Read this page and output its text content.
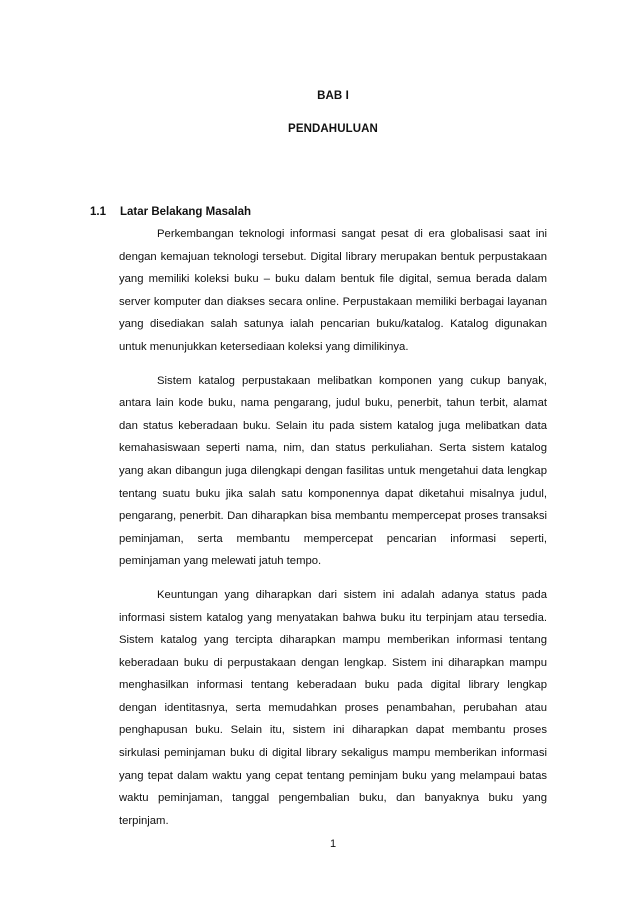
BAB I
PENDAHULUAN
1.1 Latar Belakang Masalah

Perkembangan teknologi informasi sangat pesat di era globalisasi saat ini dengan kemajuan teknologi tersebut. Digital library merupakan bentuk perpustakaan yang memiliki koleksi buku – buku dalam bentuk file digital, semua berada dalam server komputer dan diakses secara online. Perpustakaan memiliki berbagai layanan yang disediakan salah satunya ialah pencarian buku/katalog. Katalog digunakan untuk menunjukkan ketersediaan koleksi yang dimilikinya.

Sistem katalog perpustakaan melibatkan komponen yang cukup banyak, antara lain kode buku, nama pengarang, judul buku, penerbit, tahun terbit, alamat dan status keberadaan buku. Selain itu pada sistem katalog juga melibatkan data kemahasiswaan seperti nama, nim, dan status perkuliahan. Serta sistem katalog yang akan dibangun juga dilengkapi dengan fasilitas untuk mengetahui data lengkap tentang suatu buku jika salah satu komponennya dapat diketahui misalnya judul, pengarang, penerbit. Dan diharapkan bisa membantu mempercepat proses transaksi peminjaman, serta membantu mempercepat pencarian informasi seperti, peminjaman yang melewati jatuh tempo.

Keuntungan yang diharapkan dari sistem ini adalah adanya status pada informasi sistem katalog yang menyatakan bahwa buku itu terpinjam atau tersedia. Sistem katalog yang tercipta diharapkan mampu memberikan informasi tentang keberadaan buku di perpustakaan dengan lengkap. Sistem ini diharapkan mampu menghasilkan informasi tentang keberadaan buku pada digital library lengkap dengan identitasnya, serta memudahkan proses penambahan, perubahan atau penghapusan buku. Selain itu, sistem ini diharapkan dapat membantu proses sirkulasi peminjaman buku di digital library sekaligus mampu memberikan informasi yang tepat dalam waktu yang cepat tentang peminjam buku yang melampaui batas waktu peminjaman, tanggal pengembalian buku, dan banyaknya buku yang terpinjam.

1
